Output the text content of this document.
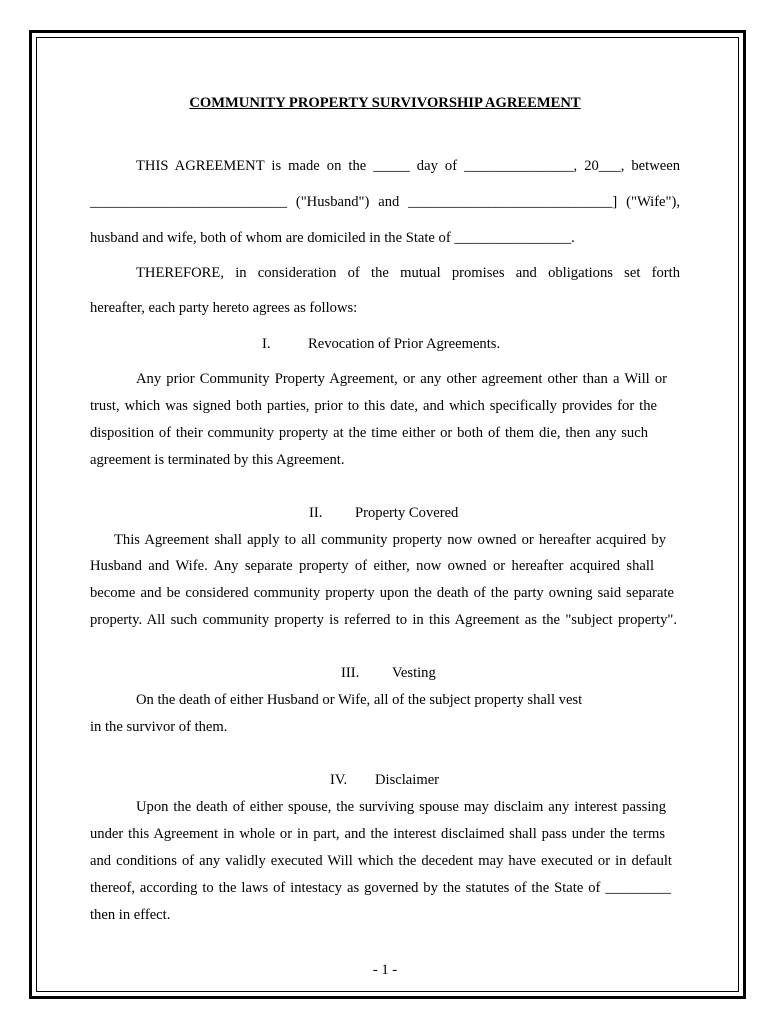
COMMUNITY PROPERTY SURVIVORSHIP AGREEMENT
THIS AGREEMENT is made on the _____ day of _______________, 20___, between
___________________________ ("Husband") and ____________________________] ("Wife"),
husband and wife, both of whom are domiciled in the State of ________________.
THEREFORE, in consideration of the mutual promises and obligations set forth
hereafter, each party hereto agrees as follows:
I.	Revocation of Prior Agreements.
Any prior Community Property Agreement, or any other agreement other than a Will or
trust, which was signed both parties, prior to this date, and which specifically provides for the
disposition of their community property at the time either or both of them die, then any such
agreement is terminated by this Agreement.
II. Property Covered
This Agreement shall apply to all community property now owned or hereafter acquired by
Husband and Wife. Any separate property of either, now owned or hereafter acquired shall
become and be considered community property upon the death of the party owning said separate
property. All such community property is referred to in this Agreement as the "subject property".
III. Vesting
On the death of either Husband or Wife, all of the subject property shall vest
in the survivor of them.
IV. Disclaimer
Upon the death of either spouse, the surviving spouse may disclaim any interest passing
under this Agreement in whole or in part, and the interest disclaimed shall pass under the terms
and conditions of any validly executed Will which the decedent may have executed or in default
thereof, according to the laws of intestacy as governed by the statutes of the State of _________
then in effect.
- 1 -
